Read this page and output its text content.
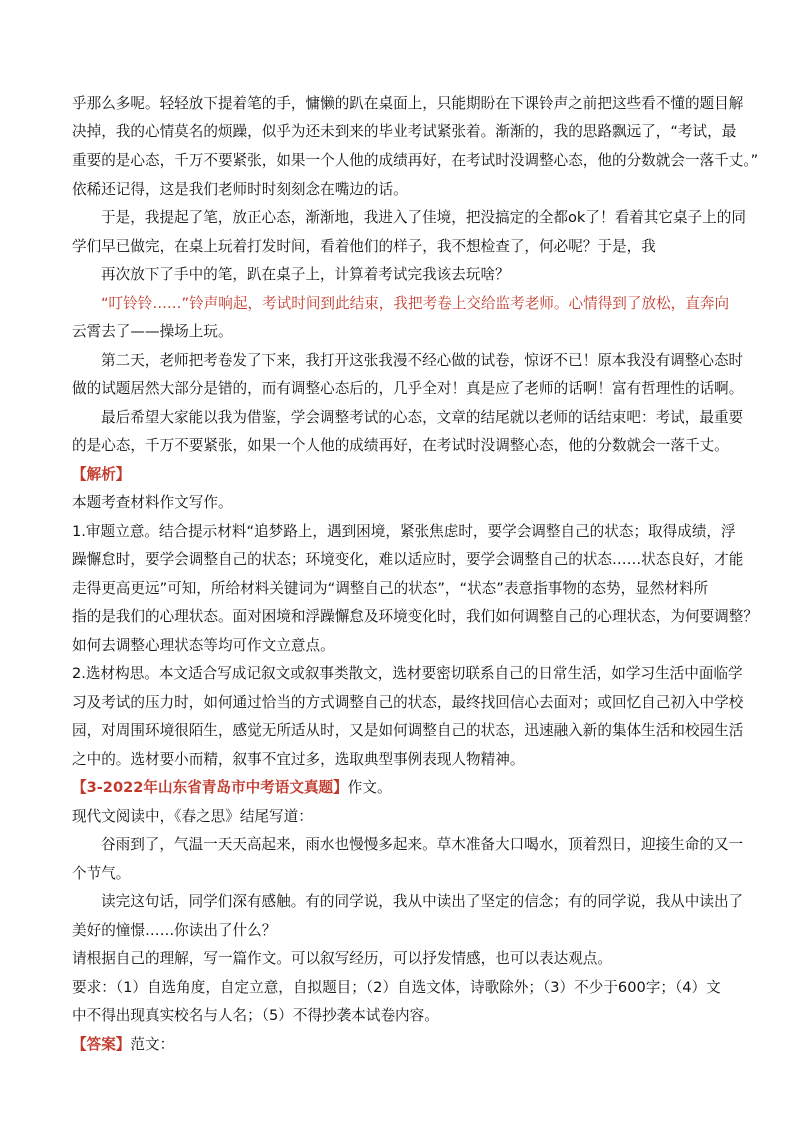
乎那么多呢。轻轻放下提着笔的手，慵懒的趴在桌面上，只能期盼在下课铃声之前把这些看不懂的题目解
决掉，我的心情莫名的烦躁，似乎为还未到来的毕业考试紧张着。渐渐的，我的思路飘远了，“考试，最
重要的是心态，千万不要紧张，如果一个人他的成绩再好，在考试时没调整心态，他的分数就会一落千丈。”
依稀还记得，这是我们老师时时刻刻念在嘴边的话。
于是，我提起了笔，放正心态，渐渐地，我进入了佳境，把没搞定的全都ok了！看着其它桌子上的同
学们早已做完，在桌上玩着打发时间，看着他们的样子，我不想检查了，何必呢？于是，我
再次放下了手中的笔，趴在桌子上，计算着考试完我该去玩啥？
“叮铃铃……”铃声响起，考试时间到此结束，我把考卷上交给监考老师。心情得到了放松，直奔向
云霄去了——操场上玩。
第二天，老师把考卷发了下来，我打开这张我漫不经心做的试卷，惊讶不已！原本我没有调整心态时
做的试题居然大部分是错的，而有调整心态后的，几乎全对！真是应了老师的话啊！富有哲理性的话啊。
最后希望大家能以我为借鉴，学会调整考试的心态，文章的结尾就以老师的话结束吧：考试，最重要
的是心态，千万不要紧张，如果一个人他的成绩再好，在考试时没调整心态，他的分数就会一落千丈。
【解析】
本题考查材料作文写作。
1.审题立意。结合提示材料“追梦路上，遇到困境，紧张焦虑时，要学会调整自己的状态；取得成绩，浮
躁懈怠时，要学会调整自己的状态；环境变化，难以适应时，要学会调整自己的状态……状态良好，才能
走得更高更远”可知，所给材料关键词为“调整自己的状态”，“状态”表意指事物的态势，显然材料所
指的是我们的心理状态。面对困境和浮躁懈怠及环境变化时，我们如何调整自己的心理状态，为何要调整？
如何去调整心理状态等均可作文立意点。
2.选材构思。本文适合写成记叙文或叙事类散文，选材要密切联系自己的日常生活，如学习生活中面临学
习及考试的压力时，如何通过恰当的方式调整自己的状态，最终找回信心去面对；或回忆自己初入中学校
园，对周围环境很陌生，感觉无所适从时，又是如何调整自己的状态，迅速融入新的集体生活和校园生活
之中的。选材要小而精，叙事不宜过多，选取典型事例表现人物精神。
【3-2022年山东省青岛市中考语文真题】作文。
现代文阅读中，《春之思》结尾写道：
谷雨到了，气温一天天高起来，雨水也慢慢多起来。草木准备大口喝水，顶着烈日，迎接生命的又一
个节气。
读完这句话，同学们深有感触。有的同学说，我从中读出了坚定的信念；有的同学说，我从中读出了
美好的憧憬……你读出了什么？
请根据自己的理解，写一篇作文。可以叙写经历，可以抒发情感，也可以表达观点。
要求：（1）自选角度，自定立意，自拟题目；（2）自选文体，诗歌除外；（3）不少于600字；（4）文
中不得出现真实校名与人名；（5）不得抄袭本试卷内容。
【答案】范文：
